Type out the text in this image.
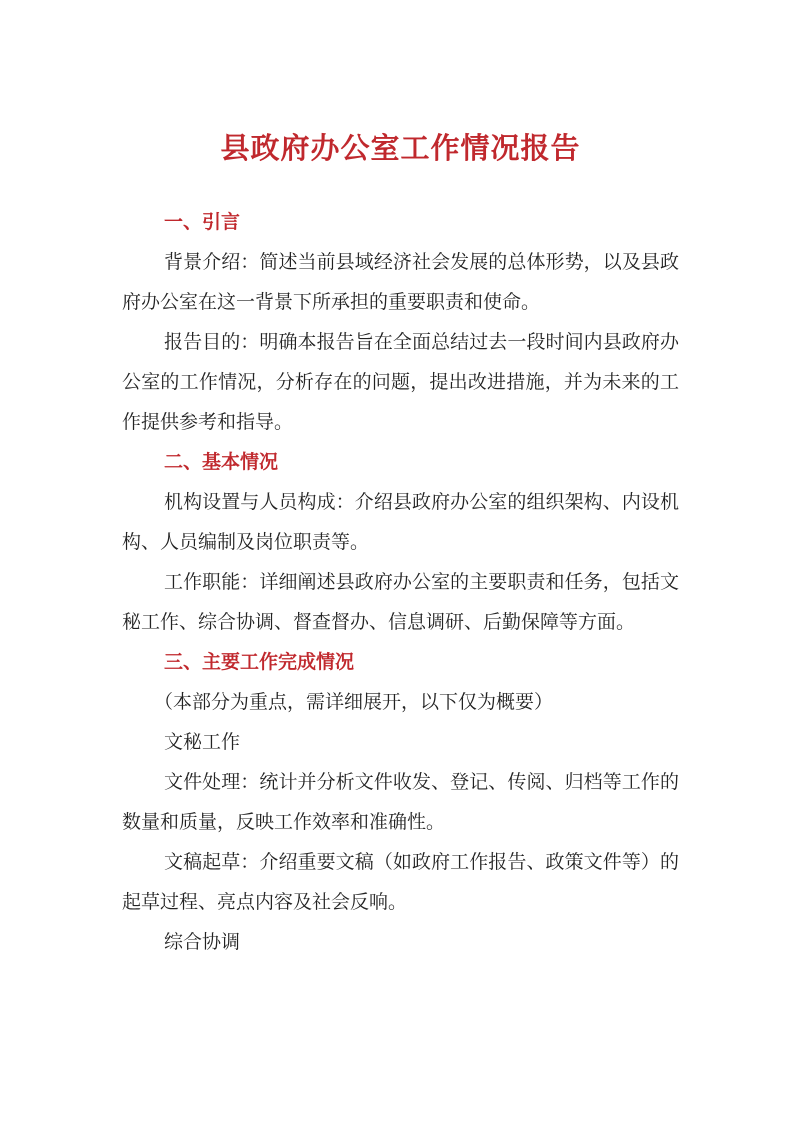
县政府办公室工作情况报告
一、引言

背景介绍：简述当前县域经济社会发展的总体形势，以及县政府办公室在这一背景下所承担的重要职责和使命。

报告目的：明确本报告旨在全面总结过去一段时间内县政府办公室的工作情况，分析存在的问题，提出改进措施，并为未来的工作提供参考和指导。

二、基本情况

机构设置与人员构成：介绍县政府办公室的组织架构、内设机构、人员编制及岗位职责等。

工作职能：详细阐述县政府办公室的主要职责和任务，包括文秘工作、综合协调、督查督办、信息调研、后勤保障等方面。

三、主要工作完成情况

（本部分为重点，需详细展开，以下仅为概要）

文秘工作

文件处理：统计并分析文件收发、登记、传阅、归档等工作的数量和质量，反映工作效率和准确性。

文稿起草：介绍重要文稿（如政府工作报告、政策文件等）的起草过程、亮点内容及社会反响。

综合协调
